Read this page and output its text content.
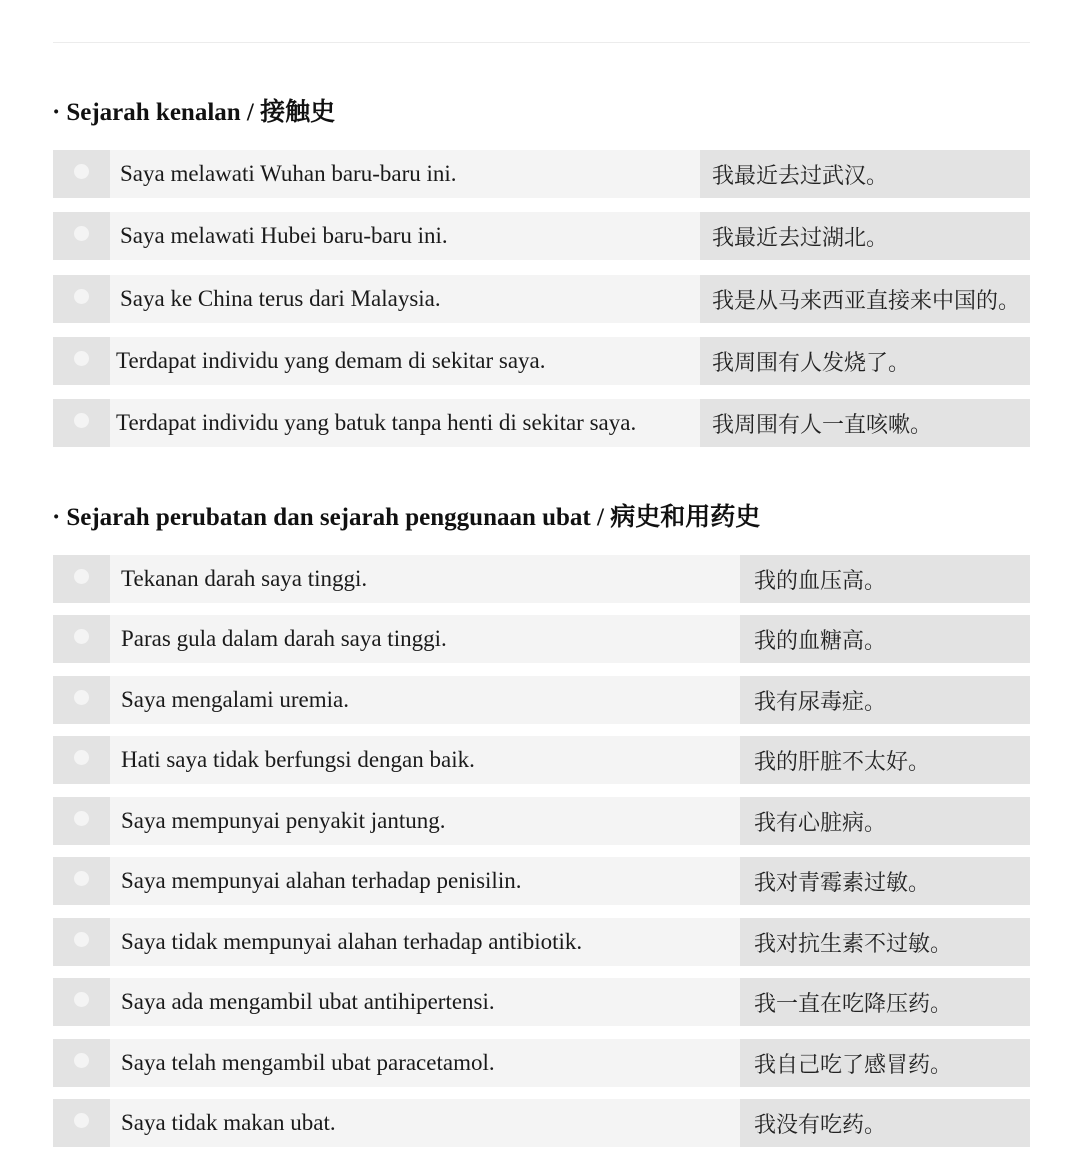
· Sejarah kenalan / 接触史
Saya melawati Wuhan baru-baru ini.	我最近去过武汉。
Saya melawati Hubei baru-baru ini.	我最近去过湖北。
Saya ke China terus dari Malaysia.	我是从马来西亚直接来中国的。
Terdapat individu yang demam di sekitar saya.	我周围有人发烧了。
Terdapat individu yang batuk tanpa henti di sekitar saya.	我周围有人一直咳嗽。
· Sejarah perubatan dan sejarah penggunaan ubat / 病史和用药史
Tekanan darah saya tinggi.	我的血压高。
Paras gula dalam darah saya tinggi.	我的血糖高。
Saya mengalami uremia.	我有尿毒症。
Hati saya tidak berfungsi dengan baik.	我的肝脏不太好。
Saya mempunyai penyakit jantung.	我有心脏病。
Saya mempunyai alahan terhadap penisilin.	我对青霉素过敏。
Saya tidak mempunyai alahan terhadap antibiotik.	我对抗生素不过敏。
Saya ada mengambil ubat antihipertensi.	我一直在吃降压药。
Saya telah mengambil ubat paracetamol.	我自己吃了感冒药。
Saya tidak makan ubat.	我没有吃药。
